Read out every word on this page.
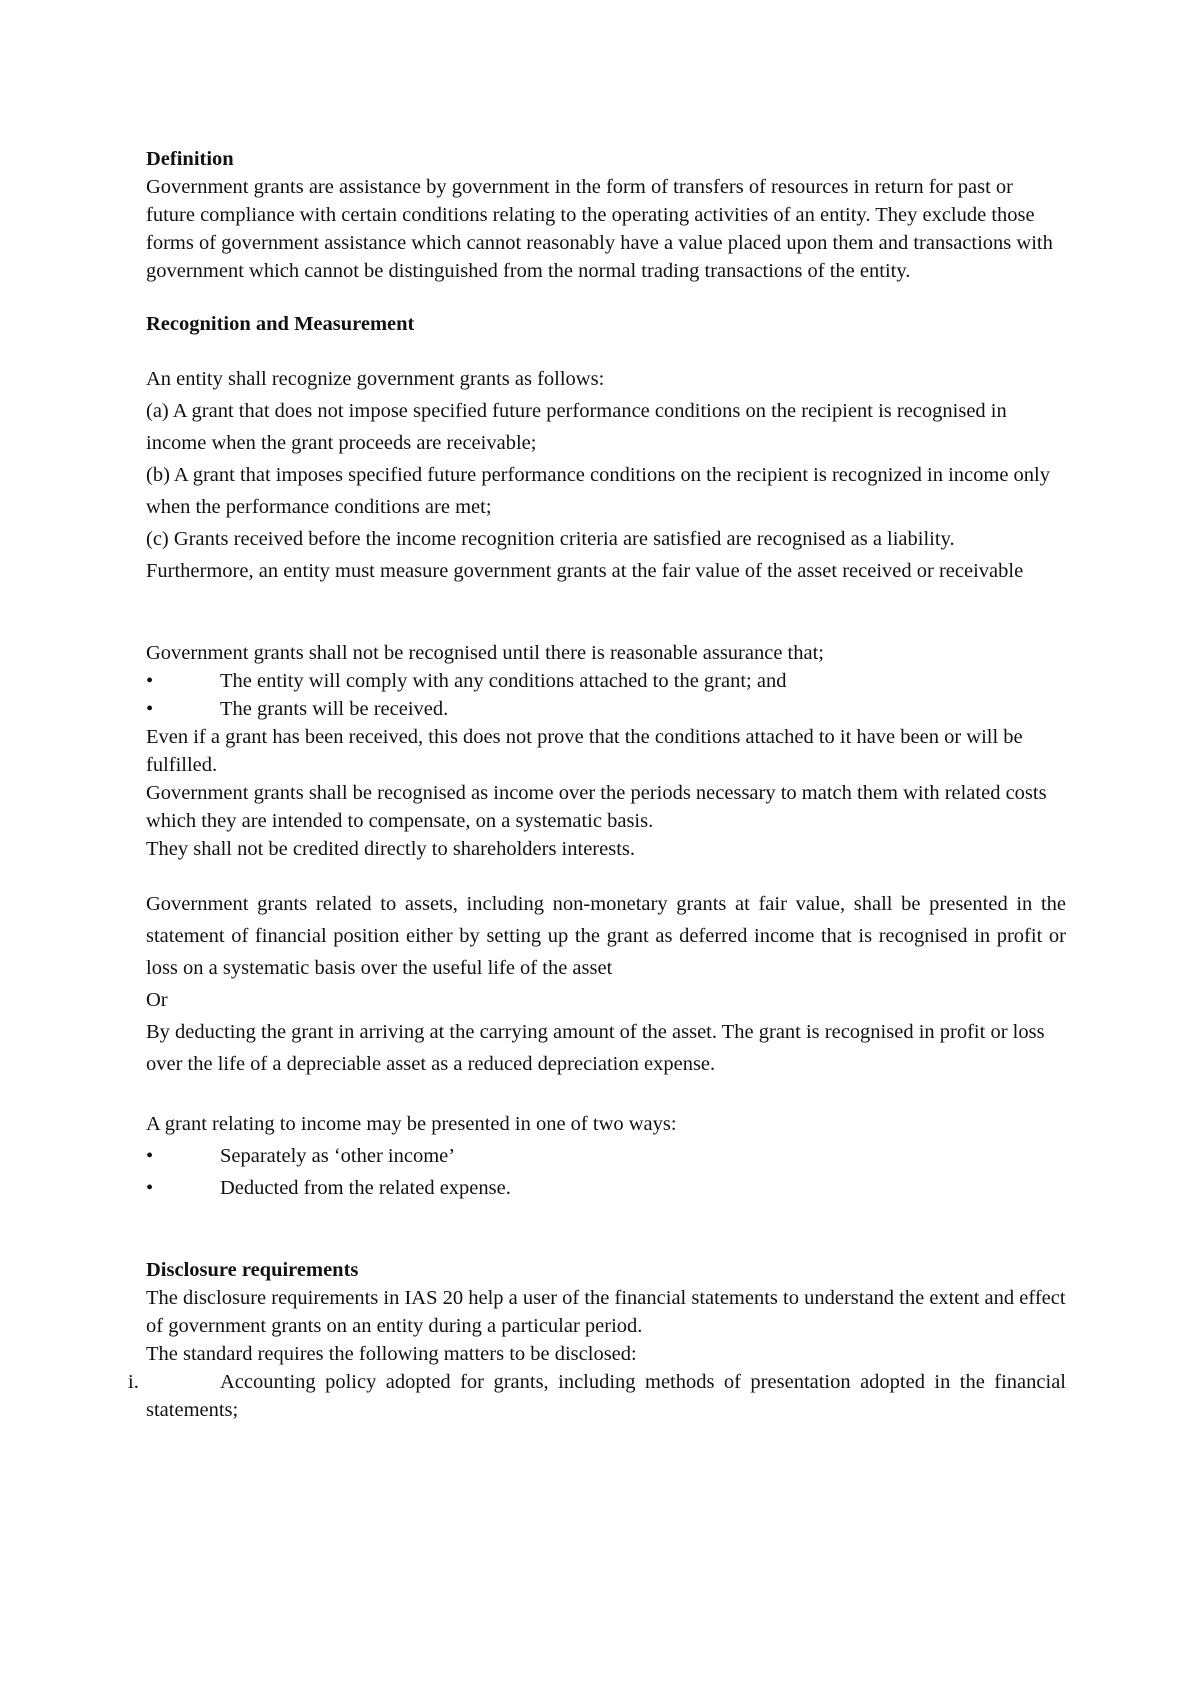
Definition

Government grants are assistance by government in the form of transfers of resources in return for past or future compliance with certain conditions relating to the operating activities of an entity. They exclude those forms of government assistance which cannot reasonably have a value placed upon them and transactions with government which cannot be distinguished from the normal trading transactions of the entity.

Recognition and Measurement

An entity shall recognize government grants as follows:

(a) A grant that does not impose specified future performance conditions on the recipient is recognised in income when the grant proceeds are receivable;

(b) A grant that imposes specified future performance conditions on the recipient is recognized in income only when the performance conditions are met;

(c) Grants received before the income recognition criteria are satisfied are recognised as a liability.

Furthermore, an entity must measure government grants at the fair value of the asset received or receivable

Government grants shall not be recognised until there is reasonable assurance that;

•	The entity will comply with any conditions attached to the grant; and
•	The grants will be received.

Even if a grant has been received, this does not prove that the conditions attached to it have been or will be fulfilled.

Government grants shall be recognised as income over the periods necessary to match them with related costs which they are intended to compensate, on a systematic basis.

They shall not be credited directly to shareholders interests.

Government grants related to assets, including non-monetary grants at fair value, shall be presented in the statement of financial position either by setting up the grant as deferred income that is recognised in profit or loss on a systematic basis over the useful life of the asset

Or

By deducting the grant in arriving at the carrying amount of the asset. The grant is recognised in profit or loss over the life of a depreciable asset as a reduced depreciation expense.

A grant relating to income may be presented in one of two ways:

•	Separately as ‘other income’
•	Deducted from the related expense.

Disclosure requirements

The disclosure requirements in IAS 20 help a user of the financial statements to understand the extent and effect of government grants on an entity during a particular period.

The standard requires the following matters to be disclosed:

i.	Accounting policy adopted for grants, including methods of presentation adopted in the financial statements;
